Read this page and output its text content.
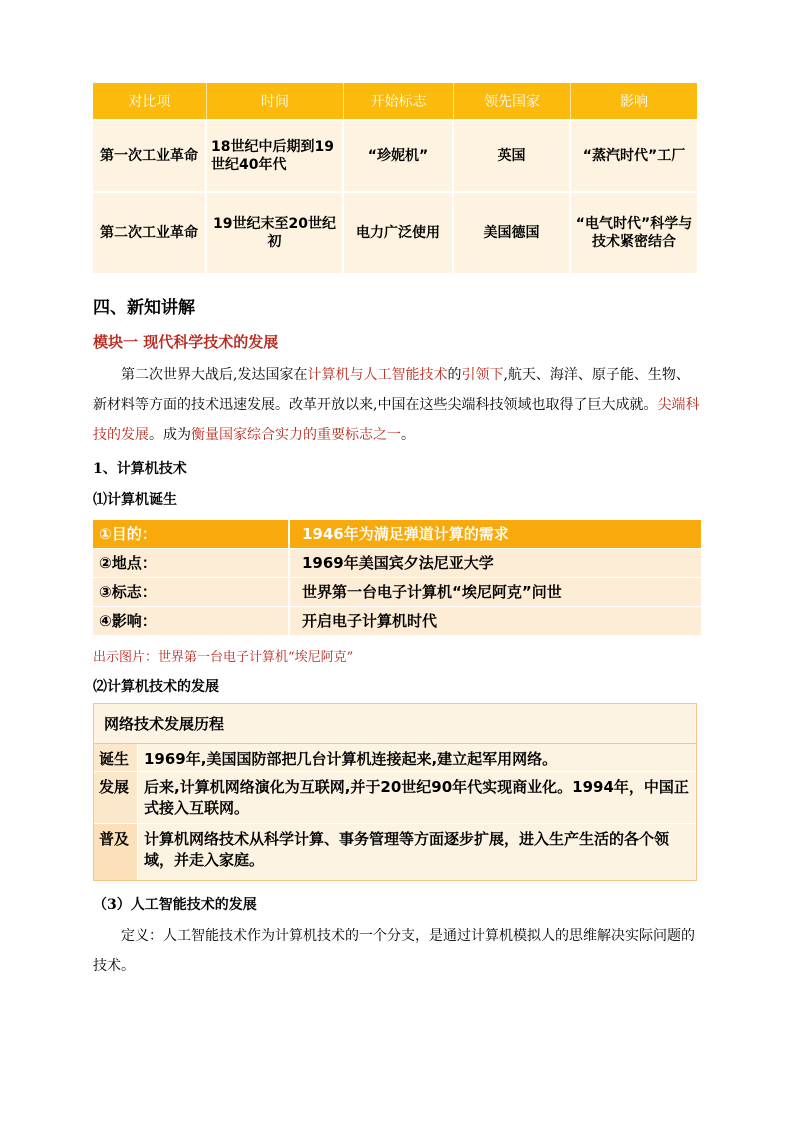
对比项	时间	开始标志	领先国家	影响
第一次工业革命	18世纪中后期到19世纪40年代	“珍妮机”	英国	“蒸汽时代”工厂
第二次工业革命	19世纪末至20世纪初	电力广泛使用	美国德国	“电气时代”科学与技术紧密结合
四、新知讲解
模块一 现代科学技术的发展

第二次世界大战后,发达国家在计算机与人工智能技术的引领下,航天、海洋、原子能、生物、新材料等方面的技术迅速发展。改革开放以来,中国在这些尖端科技领域也取得了巨大成就。尖端科技的发展。成为衡量国家综合实力的重要标志之一。

1、计算机技术
⑴计算机诞生
①目的：	1946年为满足弹道计算的需求
②地点：	1969年美国宾夕法尼亚大学
③标志：	世界第一台电子计算机“埃尼阿克”问世
④影响：	开启电子计算机时代
出示图片：世界第一台电子计算机“埃尼阿克”
⑵计算机技术的发展
网络技术发展历程
诞生 1969年,美国国防部把几台计算机连接起来,建立起军用网络。
发展 后来,计算机网络演化为互联网,并于20世纪90年代实现商业化。1994年，中国正式接入互联网。
普及 计算机网络技术从科学计算、事务管理等方面逐步扩展，进入生产生活的各个领域，并走入家庭。
（3）人工智能技术的发展

定义：人工智能技术作为计算机技术的一个分支，是通过计算机模拟人的思维解决实际问题的技术。
